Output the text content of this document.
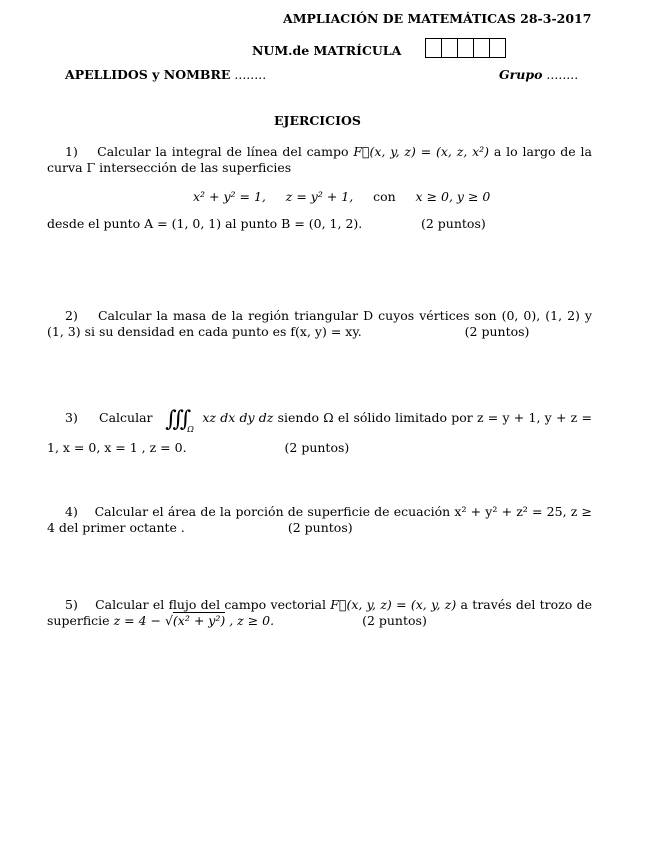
AMPLIACIÓN DE MATEMÁTICAS 28-3-2017
NUM.de MATRÍCULA
APELLIDOS y NOMBRE ........	Grupo ........
EJERCICIOS
1) Calcular la integral de línea del campo F⃗(x, y, z) = (x, z, x²) a lo largo de la curva Γ intersección de las superficies
x² + y² = 1, z = y² + 1, con x ≥ 0, y ≥ 0
desde el punto A = (1, 0, 1) al punto B = (0, 1, 2).	(2 puntos)
2) Calcular la masa de la región triangular D cuyos vértices son (0, 0), (1, 2) y (1, 3) si su densidad en cada punto es f(x, y) = xy.	(2 puntos)
3) Calcular ∭ $_\Omega$  xz dx dy dz siendo Ω el sólido limitado por z = y + 1, y + z = 1, x = 0, x = 1 , z = 0.	(2 puntos)
4) Calcular el área de la porción de superficie de ecuación x² + y² + z² = 25, z ≥ 4 del primer octante .	(2 puntos)
5) Calcular el flujo del campo vectorial F⃗(x, y, z) = (x, y, z) a través del trozo de superficie z = 4 − √(x² + y²) , z ≥ 0.	(2 puntos)
